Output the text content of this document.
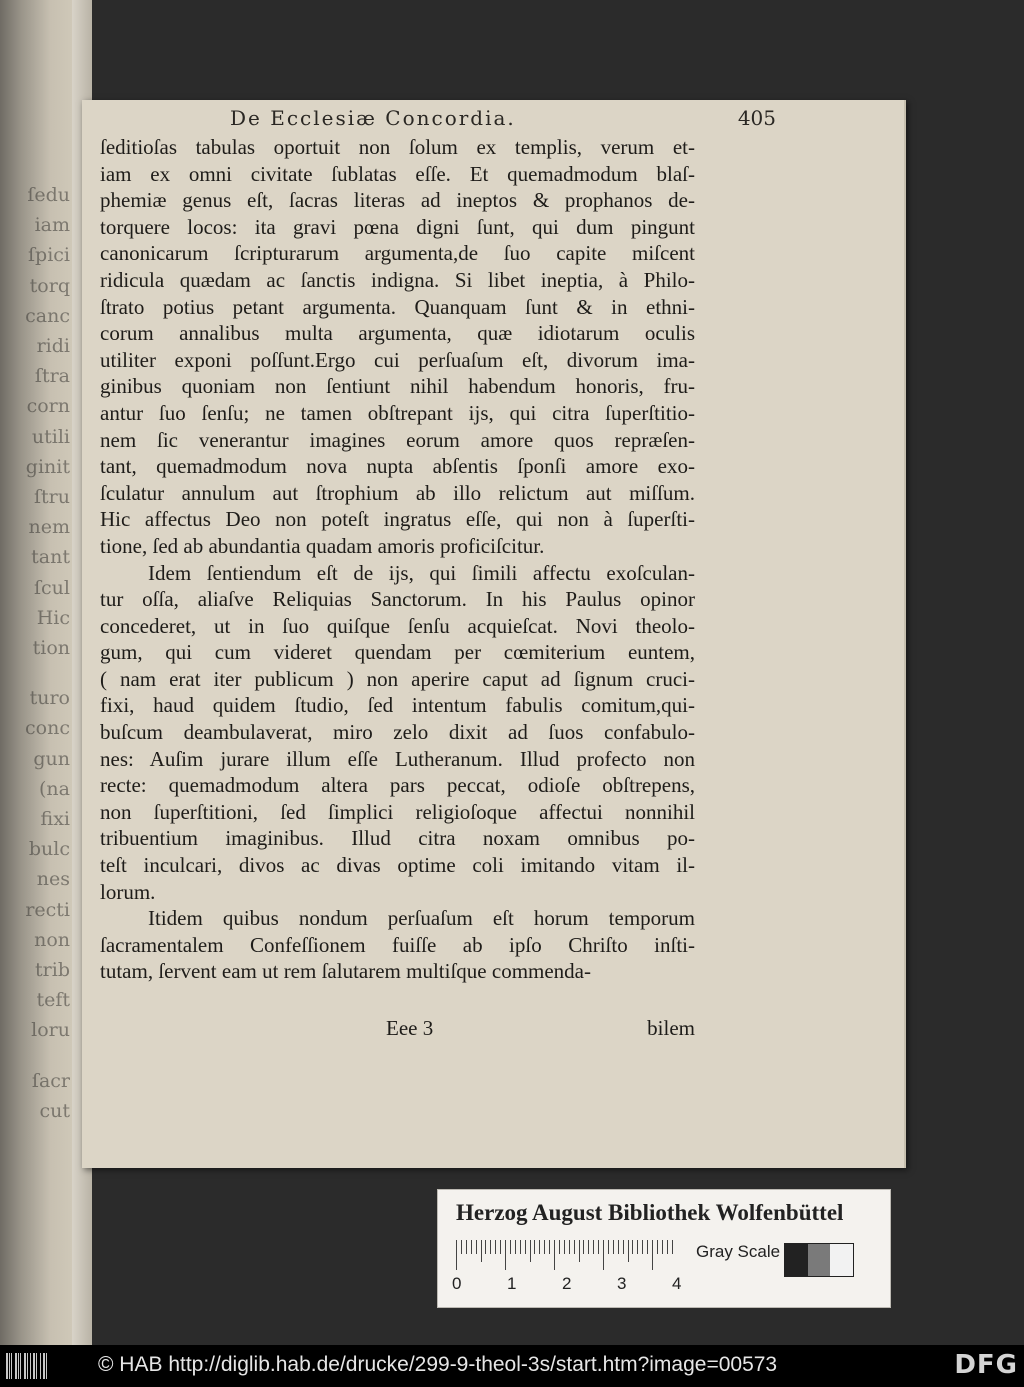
ſedu
iam
ſpici
torq
canc
ridi
ſtra
corn
utili
ginit
ſtru
nem
tant
ſcul
Hic
tion
turo
conc
gun
(na
fixi
bulc
nes
recti
non
trib
teft
loru
ſacr
cut
De Ecclesiæ Concordia.	405
ſeditioſas tabulas oportuit non ſolum ex templis, verum et-
iam ex omni civitate ſublatas eſſe. Et quemadmodum blaſ-
phemiæ genus eſt, ſacras literas ad ineptos & prophanos de-
torquere locos: ita gravi pœna digni ſunt, qui dum pingunt
canonicarum ſcripturarum argumenta,de ſuo capite miſcent
ridicula quædam ac ſanctis indigna. Si libet ineptia, à Philo-
ſtrato potius petant argumenta. Quanquam ſunt & in ethni-
corum annalibus multa argumenta, quæ idiotarum oculis
utiliter exponi poſſunt.Ergo cui perſuaſum eſt, divorum ima-
ginibus quoniam non ſentiunt nihil habendum honoris, fru-
antur ſuo ſenſu; ne tamen obſtrepant ijs, qui citra ſuperſtitio-
nem ſic venerantur imagines eorum amore quos repræſen-
tant, quemadmodum nova nupta abſentis ſponſi amore exo-
ſculatur annulum aut ſtrophium ab illo relictum aut miſſum.
Hic affectus Deo non poteſt ingratus eſſe, qui non à ſuperſti-
tione, ſed ab abundantia quadam amoris proficiſcitur.
Idem ſentiendum eſt de ijs, qui ſimili affectu exoſculan-
tur oſſa, aliaſve Reliquias Sanctorum. In his Paulus opinor
concederet, ut in ſuo quiſque ſenſu acquieſcat. Novi theolo-
gum, qui cum videret quendam per cœmiterium euntem,
( nam erat iter publicum ) non aperire caput ad ſignum cruci-
fixi, haud quidem ſtudio, ſed intentum fabulis comitum,qui-
buſcum deambulaverat, miro zelo dixit ad ſuos confabulo-
nes: Auſim jurare illum eſſe Lutheranum. Illud profecto non
recte: quemadmodum altera pars peccat, odioſe obſtrepens,
non ſuperſtitioni, ſed ſimplici religioſoque affectui nonnihil
tribuentium imaginibus. Illud citra noxam omnibus po-
teſt inculcari, divos ac divas optime coli imitando vitam il-
lorum.
Itidem quibus nondum perſuaſum eſt horum temporum
ſacramentalem Confeſſionem fuiſſe ab ipſo Chriſto inſti-
tutam, ſervent eam ut rem ſalutarem multiſque commenda-
Eee 3	bilem
Herzog August Bibliothek Wolfenbüttel
0	1	2	3	4
Gray Scale
© HAB http://diglib.hab.de/drucke/299-9-theol-3s/start.htm?image=00573	DFG
